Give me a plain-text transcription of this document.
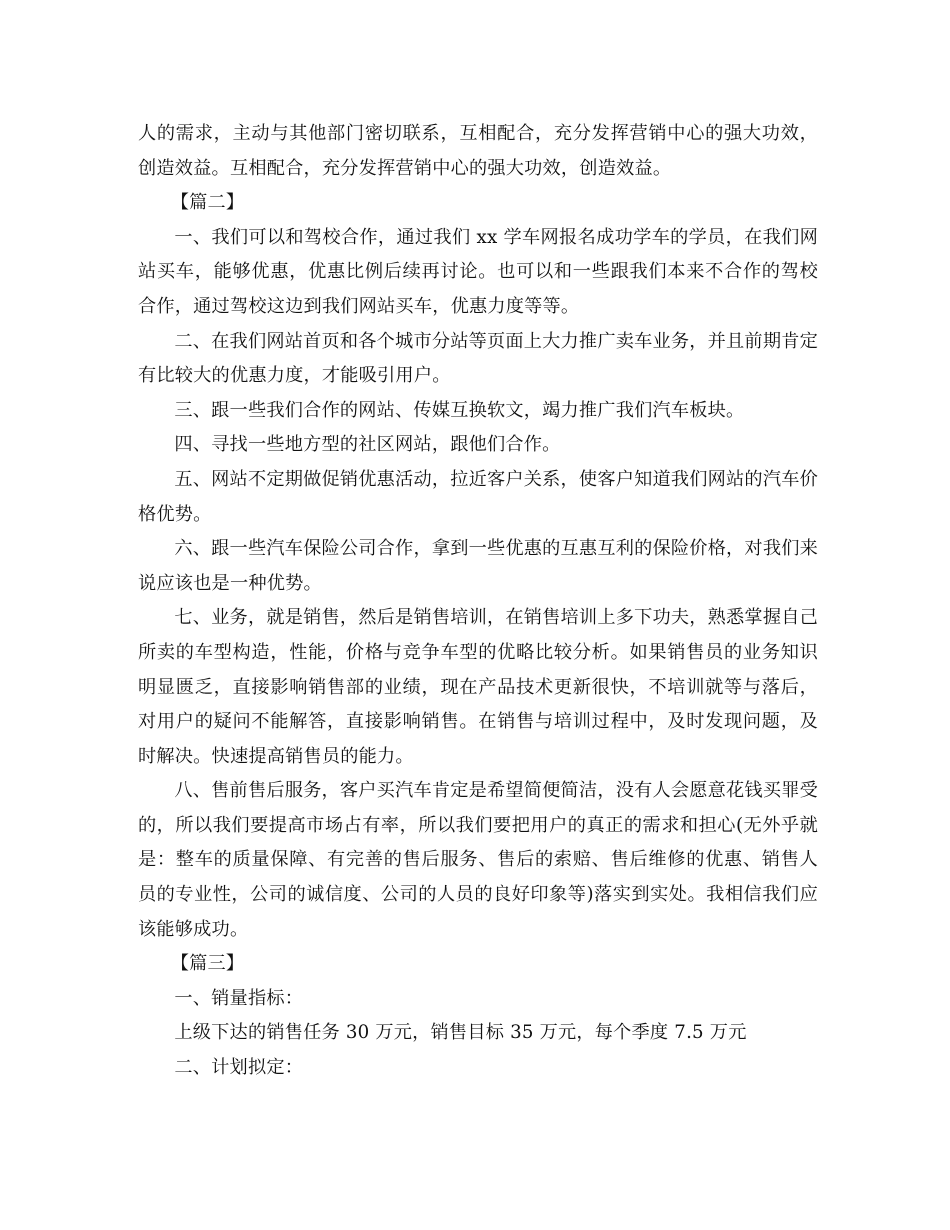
人的需求，主动与其他部门密切联系，互相配合，充分发挥营销中心的强大功效，创造效益。互相配合，充分发挥营销中心的强大功效，创造效益。

【篇二】

一、我们可以和驾校合作，通过我们 xx 学车网报名成功学车的学员，在我们网站买车，能够优惠，优惠比例后续再讨论。也可以和一些跟我们本来不合作的驾校合作，通过驾校这边到我们网站买车，优惠力度等等。

二、在我们网站首页和各个城市分站等页面上大力推广卖车业务，并且前期肯定有比较大的优惠力度，才能吸引用户。

三、跟一些我们合作的网站、传媒互换软文，竭力推广我们汽车板块。

四、寻找一些地方型的社区网站，跟他们合作。

五、网站不定期做促销优惠活动，拉近客户关系，使客户知道我们网站的汽车价格优势。

六、跟一些汽车保险公司合作，拿到一些优惠的互惠互利的保险价格，对我们来说应该也是一种优势。

七、业务，就是销售，然后是销售培训，在销售培训上多下功夫，熟悉掌握自己所卖的车型构造，性能，价格与竞争车型的优略比较分析。如果销售员的业务知识明显匮乏，直接影响销售部的业绩，现在产品技术更新很快，不培训就等与落后，对用户的疑问不能解答，直接影响销售。在销售与培训过程中，及时发现问题，及时解决。快速提高销售员的能力。

八、售前售后服务，客户买汽车肯定是希望简便简洁，没有人会愿意花钱买罪受的，所以我们要提高市场占有率，所以我们要把用户的真正的需求和担心(无外乎就是：整车的质量保障、有完善的售后服务、售后的索赔、售后维修的优惠、销售人员的专业性，公司的诚信度、公司的人员的良好印象等)落实到实处。我相信我们应该能够成功。

【篇三】

一、销量指标：

上级下达的销售任务 30 万元，销售目标 35 万元，每个季度 7.5 万元

二、计划拟定：
